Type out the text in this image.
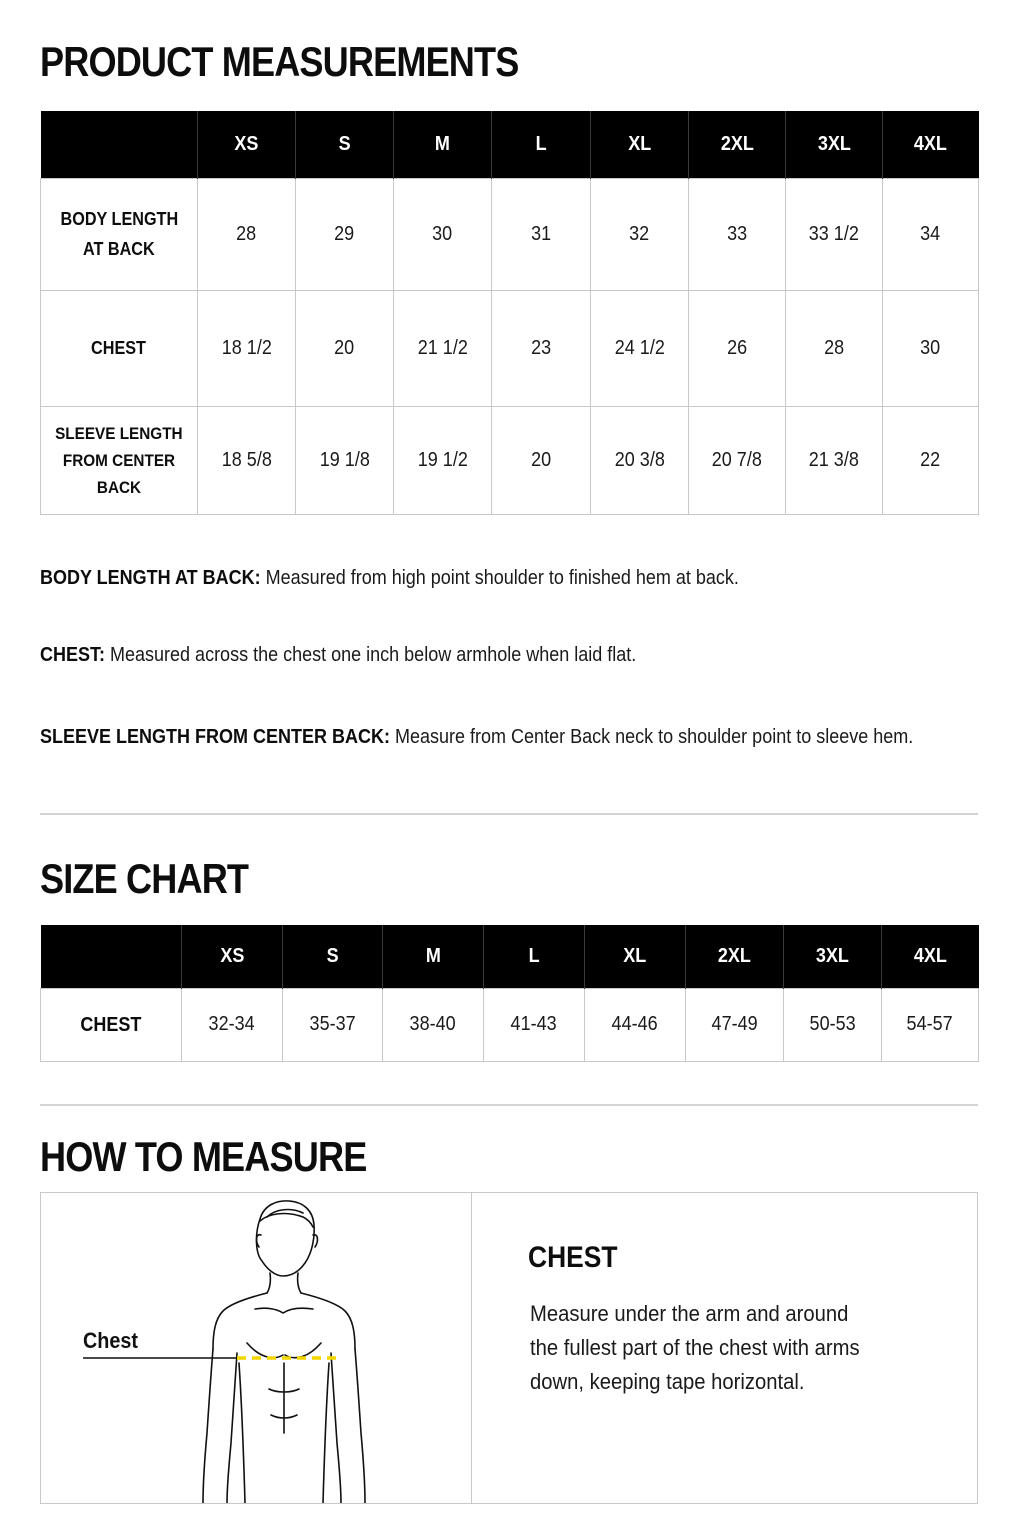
PRODUCT MEASUREMENTS
	XS	S	M	L	XL	2XL	3XL	4XL
BODY LENGTH
AT BACK	28	29	30	31	32	33	33 1/2	34
CHEST	18 1/2	20	21 1/2	23	24 1/2	26	28	30
SLEEVE LENGTH
FROM CENTER BACK	18 5/8	19 1/8	19 1/2	20	20 3/8	20 7/8	21 3/8	22

BODY LENGTH AT BACK: Measured from high point shoulder to finished hem at back.

CHEST: Measured across the chest one inch below armhole when laid flat.

SLEEVE LENGTH FROM CENTER BACK: Measure from Center Back neck to shoulder point to sleeve hem.

SIZE CHART
	XS	S	M	L	XL	2XL	3XL	4XL
CHEST	32-34	35-37	38-40	41-43	44-46	47-49	50-53	54-57
HOW TO MEASURE
Chest
CHEST

Measure under the arm and around the fullest part of the chest with arms down, keeping tape horizontal.
